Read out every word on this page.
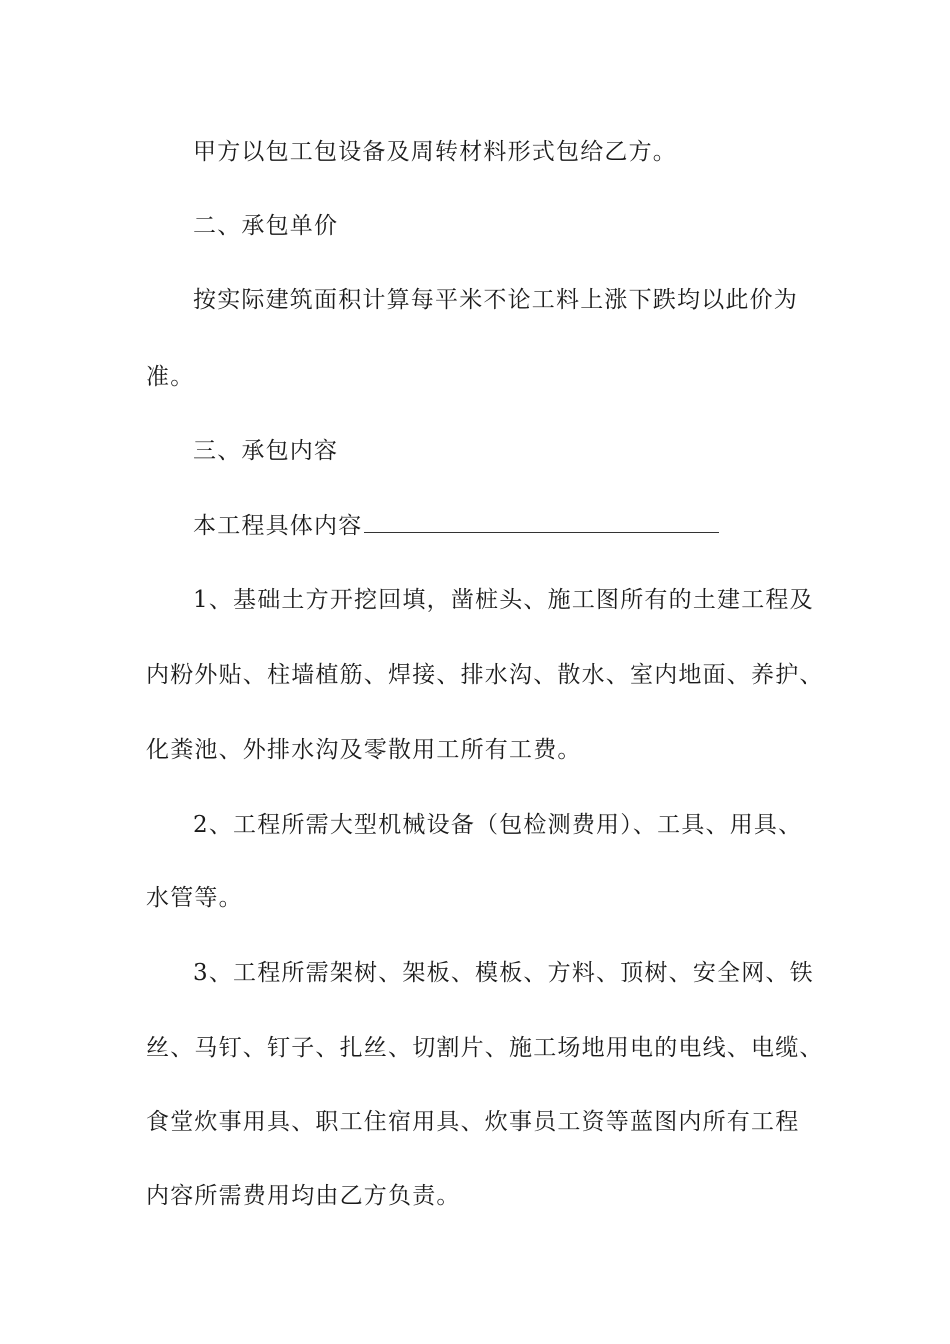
甲方以包工包设备及周转材料形式包给乙方。
二、承包单价
按实际建筑面积计算每平米不论工料上涨下跌均以此价为
准。
三、承包内容
本工程具体内容
1、基础土方开挖回填，凿桩头、施工图所有的土建工程及
内粉外贴、柱墙植筋、焊接、排水沟、散水、室内地面、养护、
化粪池、外排水沟及零散用工所有工费。
2、工程所需大型机械设备（包检测费用）、工具、用具、
水管等。
3、工程所需架树、架板、模板、方料、顶树、安全网、铁
丝、马钉、钉子、扎丝、切割片、施工场地用电的电线、电缆、
食堂炊事用具、职工住宿用具、炊事员工资等蓝图内所有工程
内容所需费用均由乙方负责。
